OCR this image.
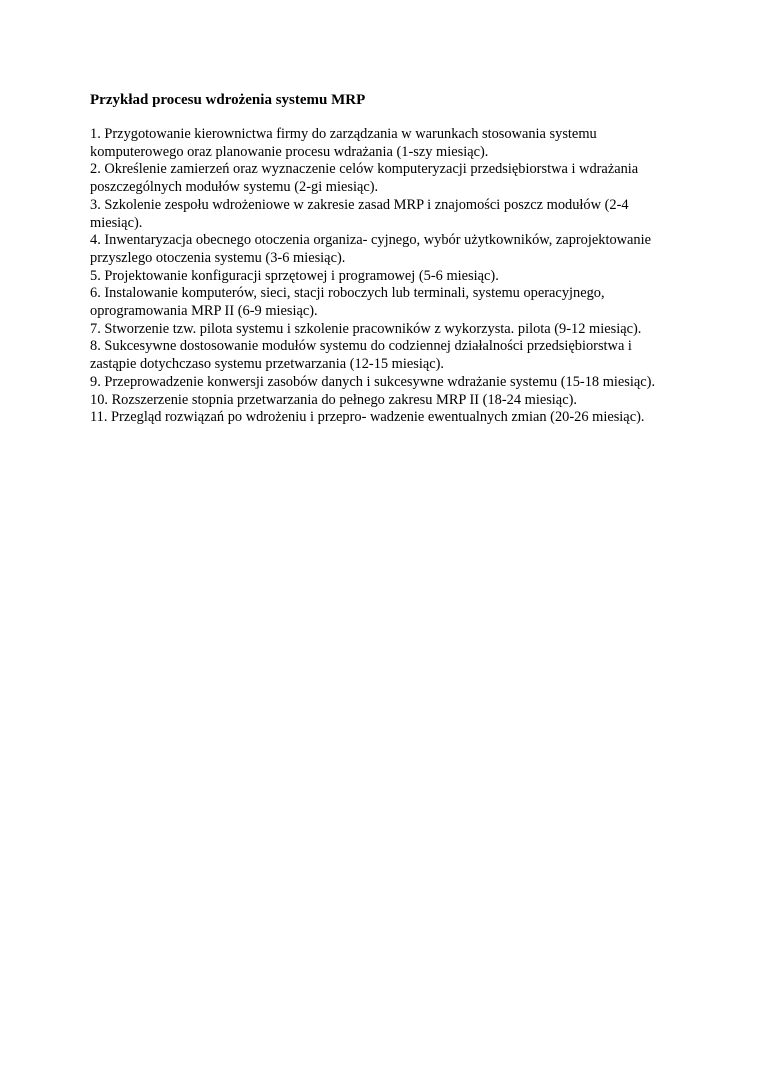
Przykład procesu wdrożenia systemu MRP
1. Przygotowanie kierownictwa firmy do zarządzania w warunkach stosowania systemu komputerowego oraz planowanie procesu wdrażania (1-szy miesiąc).
2. Określenie zamierzeń oraz wyznaczenie celów komputeryzacji przedsiębiorstwa i wdrażania poszczególnych modułów systemu (2-gi miesiąc).
3. Szkolenie zespołu wdrożeniowe w zakresie zasad MRP i znajomości poszcz modułów (2-4 miesiąc).
4. Inwentaryzacja obecnego otoczenia organiza- cyjnego, wybór użytkowników, zaprojektowanie przyszlego otoczenia systemu (3-6 miesiąc).
5. Projektowanie konfiguracji sprzętowej i programowej (5-6 miesiąc).
6. Instalowanie komputerów, sieci, stacji roboczych lub terminali, systemu operacyjnego, oprogramowania MRP II (6-9 miesiąc).
7. Stworzenie tzw. pilota systemu i szkolenie pracowników z wykorzysta. pilota (9-12 miesiąc).
8. Sukcesywne dostosowanie modułów systemu do codziennej działalności przedsiębiorstwa i zastąpie dotychczaso systemu przetwarzania (12-15 miesiąc).
9. Przeprowadzenie konwersji zasobów danych i sukcesywne wdrażanie systemu (15-18 miesiąc).
10. Rozszerzenie stopnia przetwarzania do pełnego zakresu MRP II (18-24 miesiąc).
11. Przegląd rozwiązań po wdrożeniu i przepro- wadzenie ewentualnych zmian (20-26 miesiąc).
